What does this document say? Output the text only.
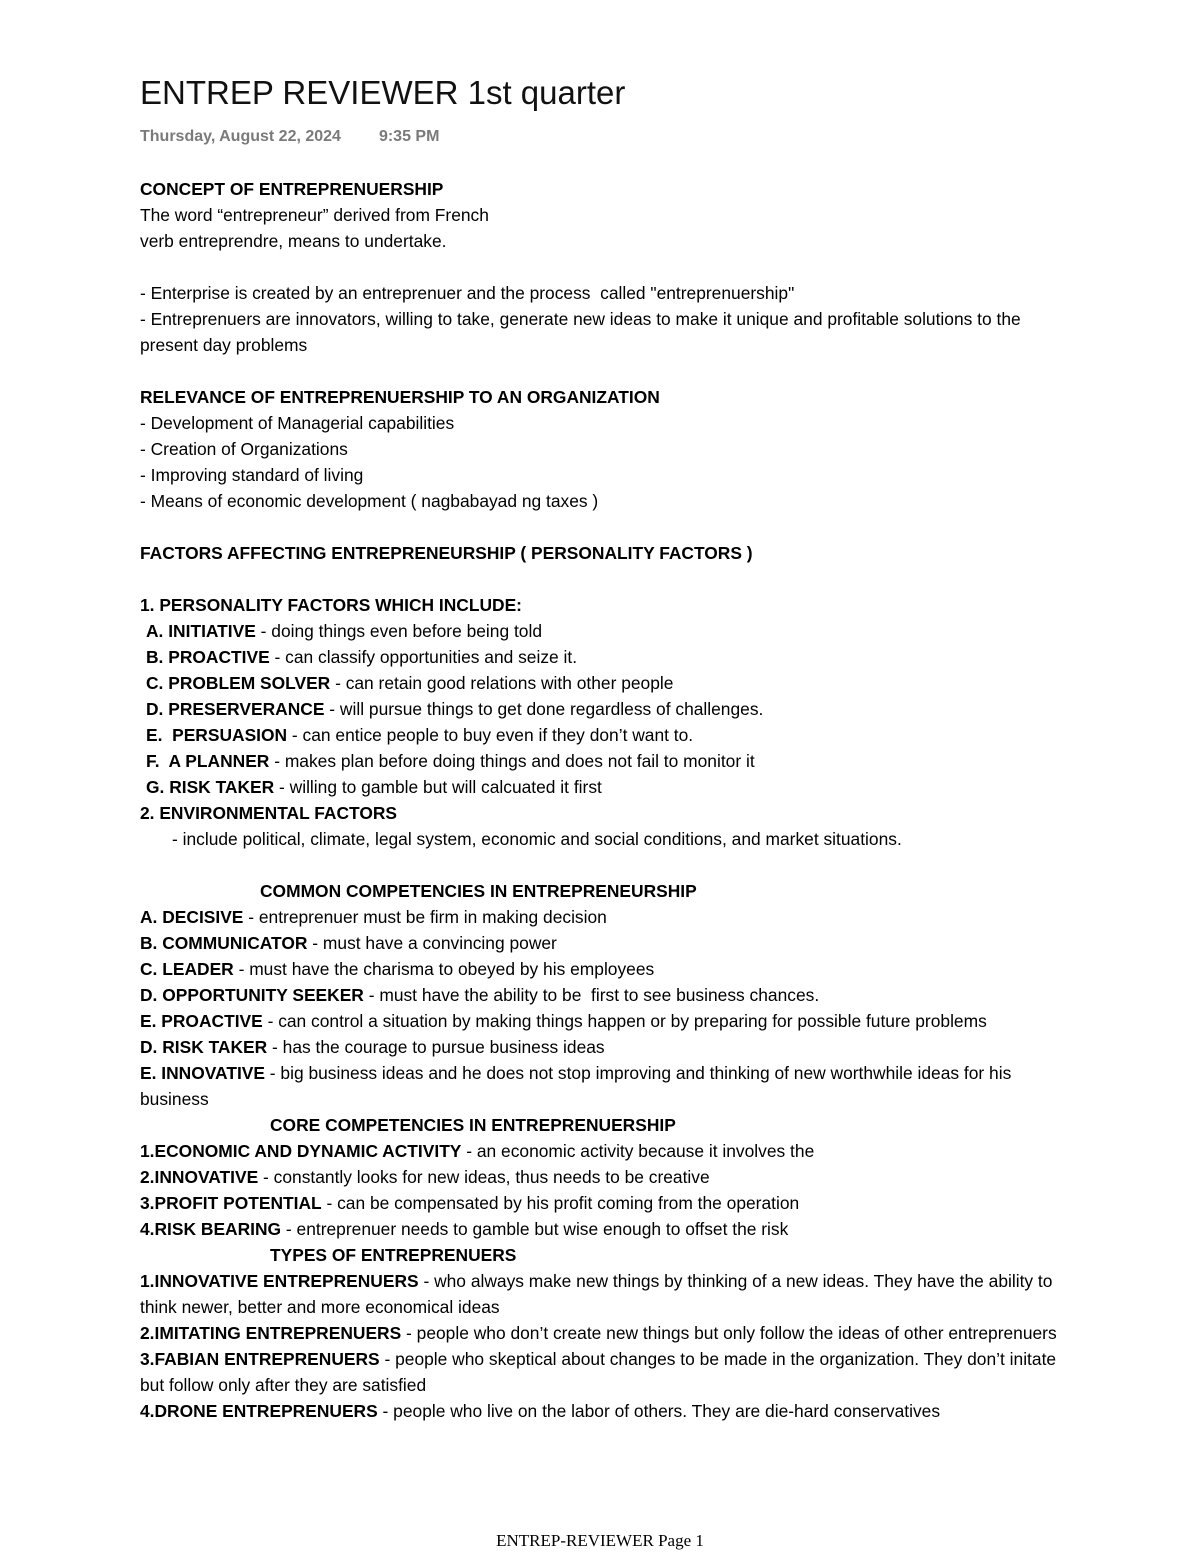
ENTREP REVIEWER 1st quarter
Thursday, August 22, 2024 9:35 PM
CONCEPT OF ENTREPRENUERSHIP
The word “entrepreneur” derived from French
verb entreprendre, means to undertake.
- Enterprise is created by an entreprenuer and the process  called "entreprenuership"
- Entreprenuers are innovators, willing to take, generate new ideas to make it unique and profitable solutions to the present day problems
RELEVANCE OF ENTREPRENUERSHIP TO AN ORGANIZATION
- Development of Managerial capabilities
- Creation of Organizations
- Improving standard of living
- Means of economic development ( nagbabayad ng taxes )
FACTORS AFFECTING ENTREPRENEURSHIP ( PERSONALITY FACTORS )
1. PERSONALITY FACTORS WHICH INCLUDE:
A. INITIATIVE - doing things even before being told
B. PROACTIVE - can classify opportunities and seize it.
C. PROBLEM SOLVER - can retain good relations with other people
D. PRESERVERANCE - will pursue things to get done regardless of challenges.
E.  PERSUASION - can entice people to buy even if they don’t want to.
F.  A PLANNER - makes plan before doing things and does not fail to monitor it
G. RISK TAKER - willing to gamble but will calcuated it first
2. ENVIRONMENTAL FACTORS
- include political, climate, legal system, economic and social conditions, and market situations.
COMMON COMPETENCIES IN ENTREPRENEURSHIP
A. DECISIVE - entreprenuer must be firm in making decision
B. COMMUNICATOR - must have a convincing power
C. LEADER - must have the charisma to obeyed by his employees
D. OPPORTUNITY SEEKER - must have the ability to be  first to see business chances.
E. PROACTIVE - can control a situation by making things happen or by preparing for possible future problems
D. RISK TAKER - has the courage to pursue business ideas
E. INNOVATIVE - big business ideas and he does not stop improving and thinking of new worthwhile ideas for his business
CORE COMPETENCIES IN ENTREPRENUERSHIP
1.ECONOMIC AND DYNAMIC ACTIVITY - an economic activity because it involves the
2.INNOVATIVE - constantly looks for new ideas, thus needs to be creative
3.PROFIT POTENTIAL - can be compensated by his profit coming from the operation
4.RISK BEARING - entreprenuer needs to gamble but wise enough to offset the risk
TYPES OF ENTREPRENUERS
1.INNOVATIVE ENTREPRENUERS - who always make new things by thinking of a new ideas. They have the ability to think newer, better and more economical ideas
2.IMITATING ENTREPRENUERS - people who don’t create new things but only follow the ideas of other entreprenuers
3.FABIAN ENTREPRENUERS - people who skeptical about changes to be made in the organization. They don’t initate but follow only after they are satisfied
4.DRONE ENTREPRENUERS - people who live on the labor of others. They are die-hard conservatives
ENTREP-REVIEWER Page 1
